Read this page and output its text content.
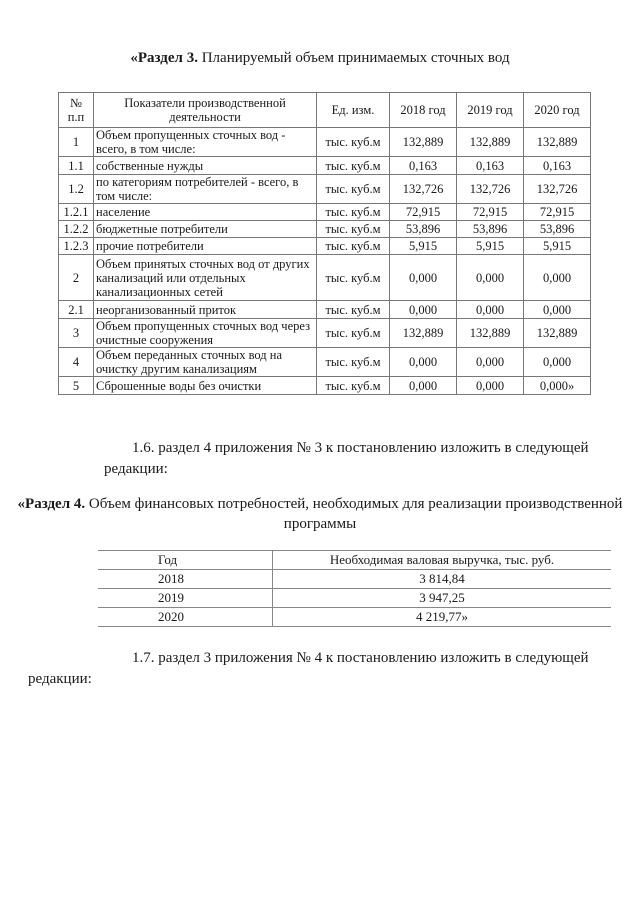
«Раздел 3. Планируемый объем принимаемых сточных вод
№ п.п	Показатели производственной деятельности	Ед. изм.	2018 год	2019 год	2020 год
1	Объем пропущенных сточных вод - всего, в том числе:	тыс. куб.м	132,889	132,889	132,889
1.1	собственные нужды	тыс. куб.м	0,163	0,163	0,163
1.2	по категориям потребителей - всего, в том числе:	тыс. куб.м	132,726	132,726	132,726
1.2.1	население	тыс. куб.м	72,915	72,915	72,915
1.2.2	бюджетные потребители	тыс. куб.м	53,896	53,896	53,896
1.2.3	прочие потребители	тыс. куб.м	5,915	5,915	5,915
2	Объем принятых сточных вод от других канализаций или отдельных канализационных сетей	тыс. куб.м	0,000	0,000	0,000
2.1	неорганизованный приток	тыс. куб.м	0,000	0,000	0,000
3	Объем пропущенных сточных вод через очистные сооружения	тыс. куб.м	132,889	132,889	132,889
4	Объем переданных сточных вод на очистку другим канализациям	тыс. куб.м	0,000	0,000	0,000
5	Сброшенные воды без очистки	тыс. куб.м	0,000	0,000	0,000»
1.6. раздел 4 приложения № 3 к постановлению изложить в следующей редакции:
«Раздел 4. Объем финансовых потребностей, необходимых для реализации производственной программы
Год	Необходимая валовая выручка, тыс. руб.
2018	3 814,84
2019	3 947,25
2020	4 219,77»
1.7. раздел 3 приложения № 4 к постановлению изложить в следующей редакции:
